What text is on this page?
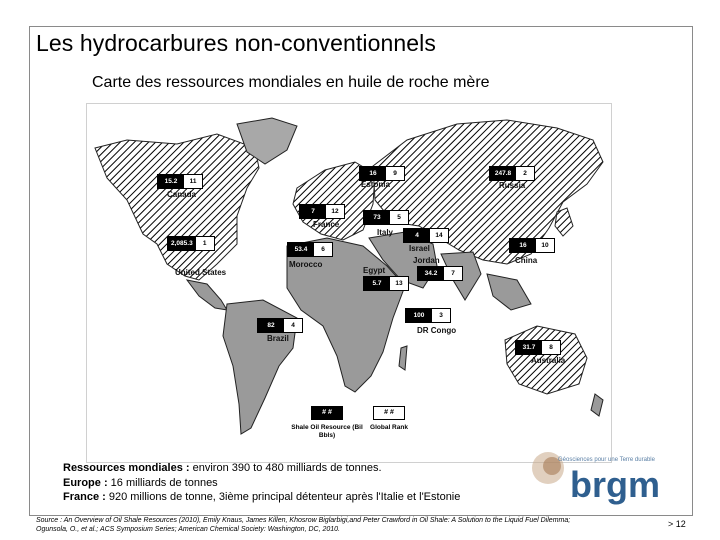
Les hydrocarbures non-conventionnels
Carte des ressources mondiales en huile de roche mère
15.2	11
Canada
16	9
Estonia
247.8	2
Russia
7	12
France
73	5
Italy	4	14
Israel
34.2	7
Jordan
2,085.3	1
United States
53.4	6
Morocco
5.7	13
Egypt
16	10
China
100	3
DR Congo
82	4
Brazil
31.7	8
Australia
# #	# #
Shale Oil Resource (Bil Bbls)
Global Rank
Ressources mondiales : environ 390 to 480 milliards de tonnes.
Europe : 16 milliards de tonnes
France : 920 millions de tonne, 3ième principal détenteur après l'Italie et l'Estonie
Géosciences pour une Terre durable
brgm
Source : An Overview of Oil Shale Resources (2010), Emily Knaus, James Killen, Khosrow Biglarbigi,and Peter Crawford in Oil Shale: A Solution to the Liquid Fuel Dilemma; Ogunsola, O., et al.; ACS Symposium Series; American Chemical Society: Washington, DC, 2010.
> 12
